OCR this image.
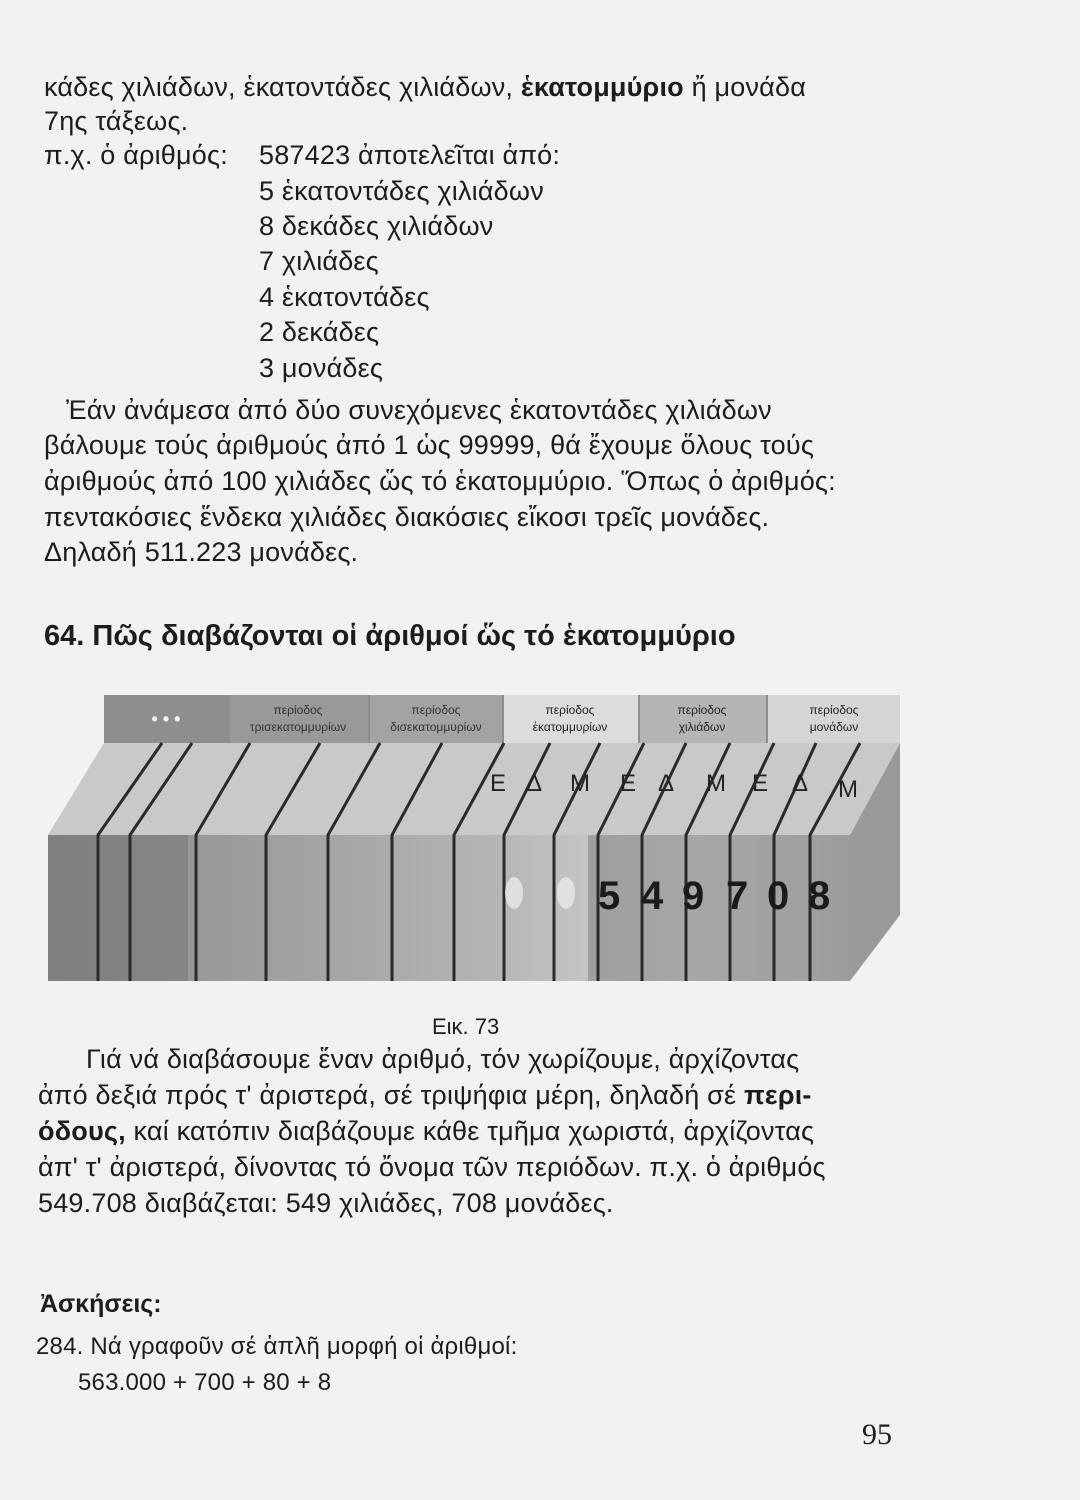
κάδες χιλιάδων, ἑκατοντάδες χιλιάδων, ἑκατομμύριο ἤ μονάδα
7ης τάξεως.
π.χ. ὁ ἀριθμός: 587423 ἀποτελεῖται ἀπό:
5 ἑκατοντάδες χιλιάδων
8 δεκάδες χιλιάδων
7 χιλιάδες
4 ἑκατοντάδες
2 δεκάδες
3 μονάδες
Ἐάν ἀνάμεσα ἀπό δύο συνεχόμενες ἑκατοντάδες χιλιάδων
βάλουμε τούς ἀριθμούς ἀπό 1 ὡς 99999, θά ἔχουμε ὅλους τούς
ἀριθμούς ἀπό 100 χιλιάδες ὥς τό ἑκατομμύριο. Ὅπως ὁ ἀριθμός:
πεντακόσιες ἕνδεκα χιλιάδες διακόσιες εἴκοσι τρεῖς μονάδες.
Δηλαδή 511.223 μονάδες.
64. Πῶς διαβάζονται οἱ ἀριθμοί ὥς τό ἑκατομμύριο
• • •	περίοδος
τρισεκατομμυρίων
περίοδος
δισεκατομμυρίων
περίοδος
ἑκατομμυρίων
περίοδος
χιλιάδων
περίοδος
μονάδων
Ε Δ Μ Ε Δ Μ Ε Δ Μ
5 4 9 7 0 8
Εικ. 73
Γιά νά διαβάσουμε ἕναν ἀριθμό, τόν χωρίζουμε, ἀρχίζοντας
ἀπό δεξιά πρός τ' ἀριστερά, σέ τριψήφια μέρη, δηλαδή σέ περι-
όδους, καί κατόπιν διαβάζουμε κάθε τμῆμα χωριστά, ἀρχίζοντας
ἀπ' τ' ἀριστερά, δίνοντας τό ὄνομα τῶν περιόδων. π.χ. ὁ ἀριθμός
549.708 διαβάζεται: 549 χιλιάδες, 708 μονάδες.
Ἀσκήσεις:
284. Νά γραφοῦν σέ ἁπλῆ μορφή οἱ ἀριθμοί:
563.000 + 700 + 80 + 8
95
